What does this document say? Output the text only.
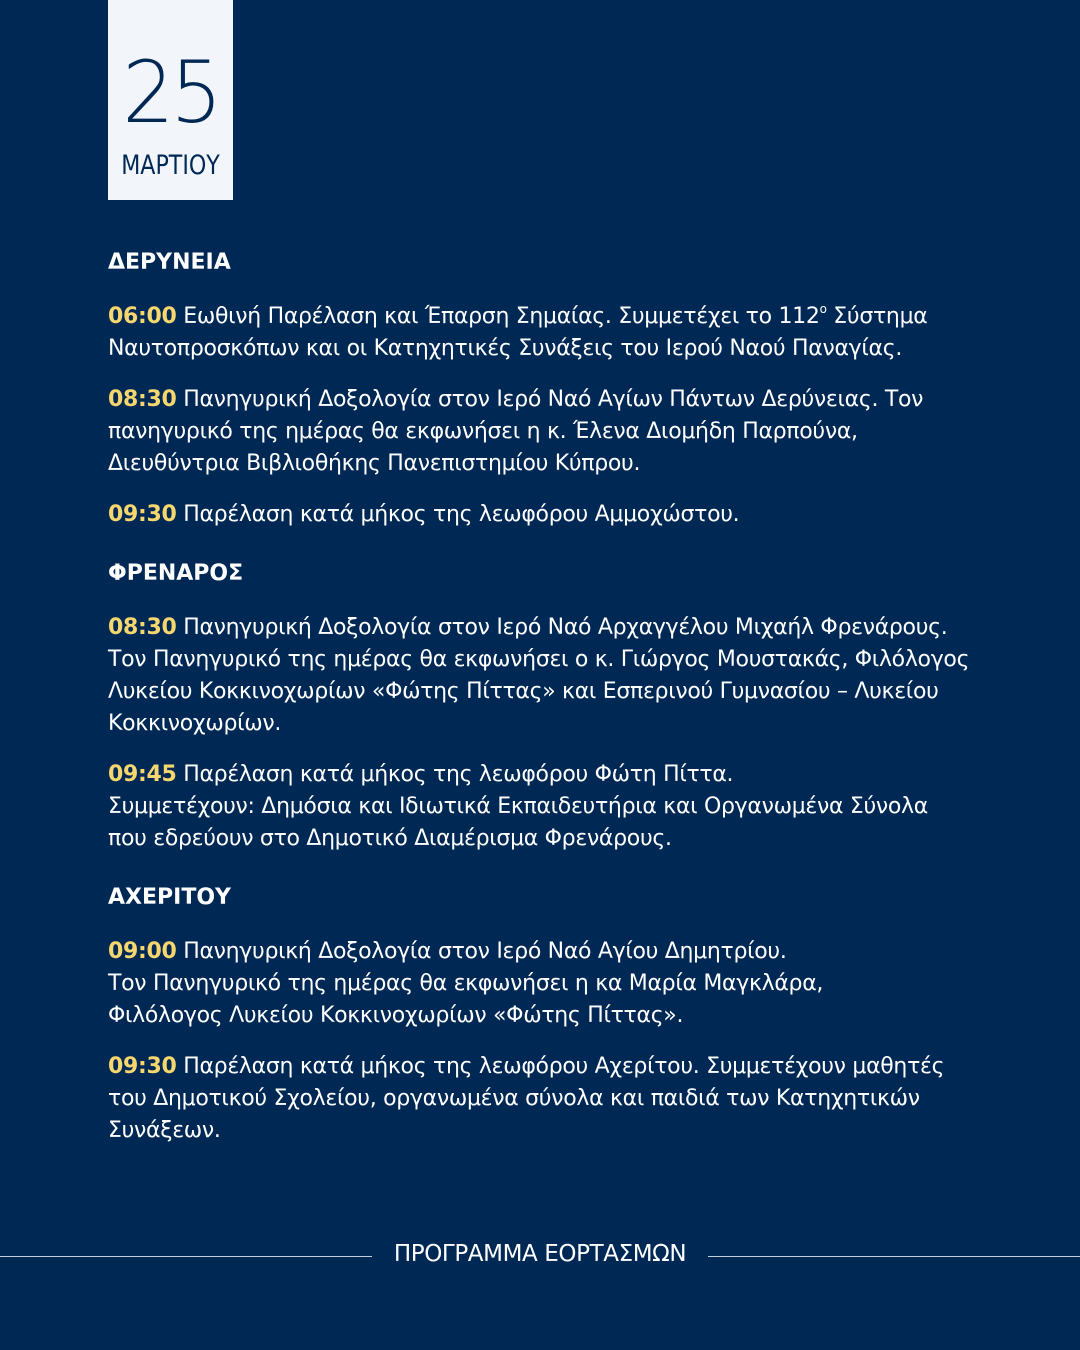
25
ΜΑΡΤΙΟΥ
ΔΕΡΥΝΕΙΑ

06:00 Εωθινή Παρέλαση και Έπαρση Σημαίας. Συμμετέχει το $112^o$ Σύστημα
Ναυτοπροσκόπων και οι Κατηχητικές Συνάξεις του Ιερού Ναού Παναγίας.

08:30 Πανηγυρική Δοξολογία στον Ιερό Ναό Αγίων Πάντων Δερύνειας. Τον
πανηγυρικό της ημέρας θα εκφωνήσει η κ. Έλενα Διομήδη Παρπούνα,
Διευθύντρια Βιβλιοθήκης Πανεπιστημίου Κύπρου.

09:30 Παρέλαση κατά μήκος της λεωφόρου Αμμοχώστου.

ΦΡΕΝΑΡΟΣ

08:30 Πανηγυρική Δοξολογία στον Ιερό Ναό Αρχαγγέλου Μιχαήλ Φρενάρους.
Τον Πανηγυρικό της ημέρας θα εκφωνήσει ο κ. Γιώργος Μουστακάς, Φιλόλογος
Λυκείου Κοκκινοχωρίων «Φώτης Πίττας» και Εσπερινού Γυμνασίου – Λυκείου
Κοκκινοχωρίων.

09:45 Παρέλαση κατά μήκος της λεωφόρου Φώτη Πίττα.
Συμμετέχουν: Δημόσια και Ιδιωτικά Εκπαιδευτήρια και Οργανωμένα Σύνολα
που εδρεύουν στο Δημοτικό Διαμέρισμα Φρενάρους.

ΑΧΕΡΙΤΟΥ

09:00 Πανηγυρική Δοξολογία στον Ιερό Ναό Αγίου Δημητρίου.
Τον Πανηγυρικό της ημέρας θα εκφωνήσει η κα Μαρία Μαγκλάρα,
Φιλόλογος Λυκείου Κοκκινοχωρίων «Φώτης Πίττας».

09:30 Παρέλαση κατά μήκος της λεωφόρου Αχερίτου. Συμμετέχουν μαθητές
του Δημοτικού Σχολείου, οργανωμένα σύνολα και παιδιά των Κατηχητικών
Συνάξεων.

ΠΡΟΓΡΑΜΜΑ ΕΟΡΤΑΣΜΩΝ
